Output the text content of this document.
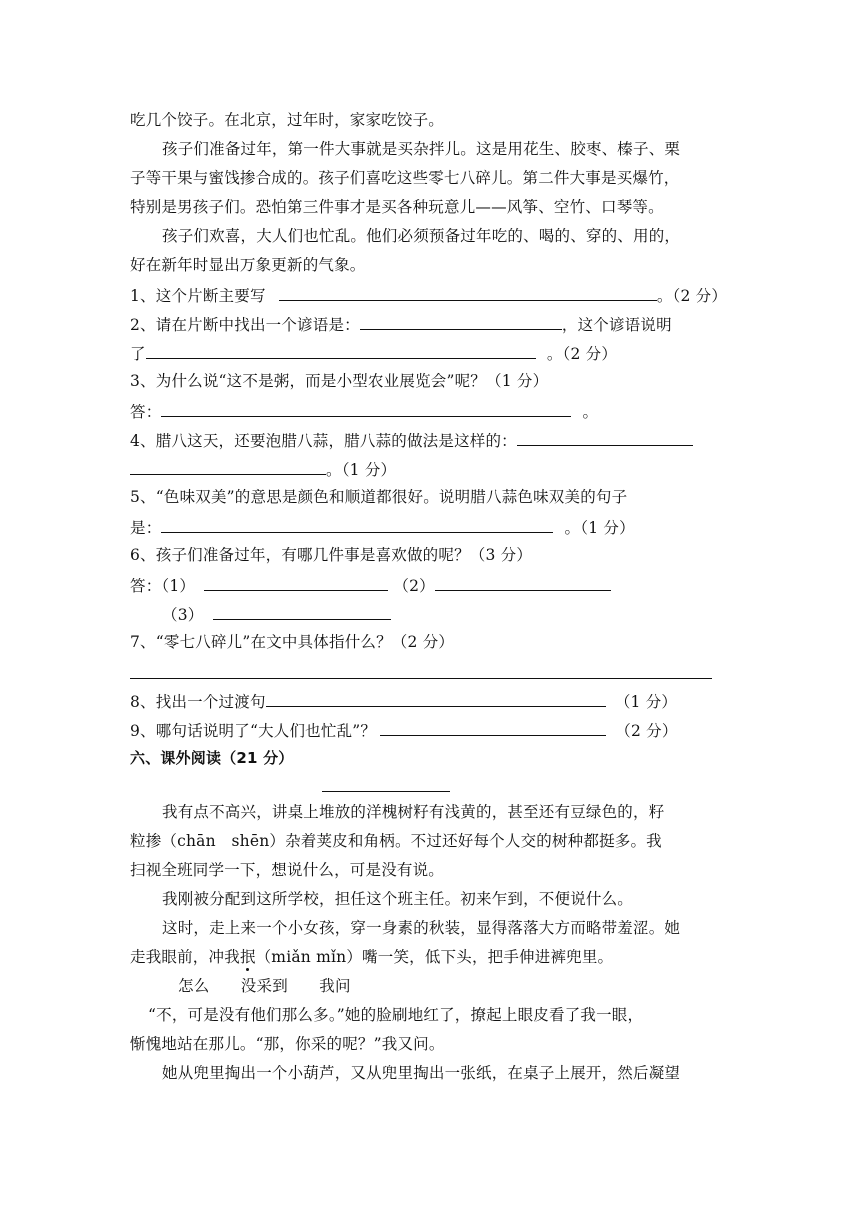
吃几个饺子。在北京，过年时，家家吃饺子。
孩子们准备过年，第一件大事就是买杂拌儿。这是用花生、胶枣、榛子、栗
子等干果与蜜饯掺合成的。孩子们喜吃这些零七八碎儿。第二件大事是买爆竹，
特别是男孩子们。恐怕第三件事才是买各种玩意儿——风筝、空竹、口琴等。
孩子们欢喜，大人们也忙乱。他们必须预备过年吃的、喝的、穿的、用的，
好在新年时显出万象更新的气象。
1、这个片断主要写	。（2 分）
2、请在片断中找出一个谚语是：	，这个谚语说明
了	。（2 分）
3、为什么说“这不是粥，而是小型农业展览会”呢？（1 分）
答：	。
4、腊八这天，还要泡腊八蒜，腊八蒜的做法是这样的：
。（1 分）
5、“色味双美”的意思是颜色和顺道都很好。说明腊八蒜色味双美的句子
是：	。（1 分）
6、孩子们准备过年，有哪几件事是喜欢做的呢？（3 分）
答：（1）	（2）
（3）
7、“零七八碎儿”在文中具体指什么？（2 分）
8、找出一个过渡句	（1 分）
9、哪句话说明了“大人们也忙乱”？	（2 分）
六、课外阅读（21 分）
我有点不高兴，讲桌上堆放的洋槐树籽有浅黄的，甚至还有豆绿色的，籽
粒掺（chān　shēn）杂着荚皮和角柄。不过还好每个人交的树种都挺多。我
扫视全班同学一下，想说什么，可是没有说。
我刚被分配到这所学校，担任这个班主任。初来乍到，不便说什么。
这时，走上来一个小女孩，穿一身素的秋装，显得落落大方而略带羞涩。她
走我眼前，冲我抿（miǎn mǐn）嘴一笑，低下头，把手伸进裤兜里。
怎么　　没采到　　我问
“不，可是没有他们那么多。”她的脸刷地红了，撩起上眼皮看了我一眼，
惭愧地站在那儿。“那，你采的呢？”我又问。
她从兜里掏出一个小葫芦，又从兜里掏出一张纸，在桌子上展开，然后凝望
